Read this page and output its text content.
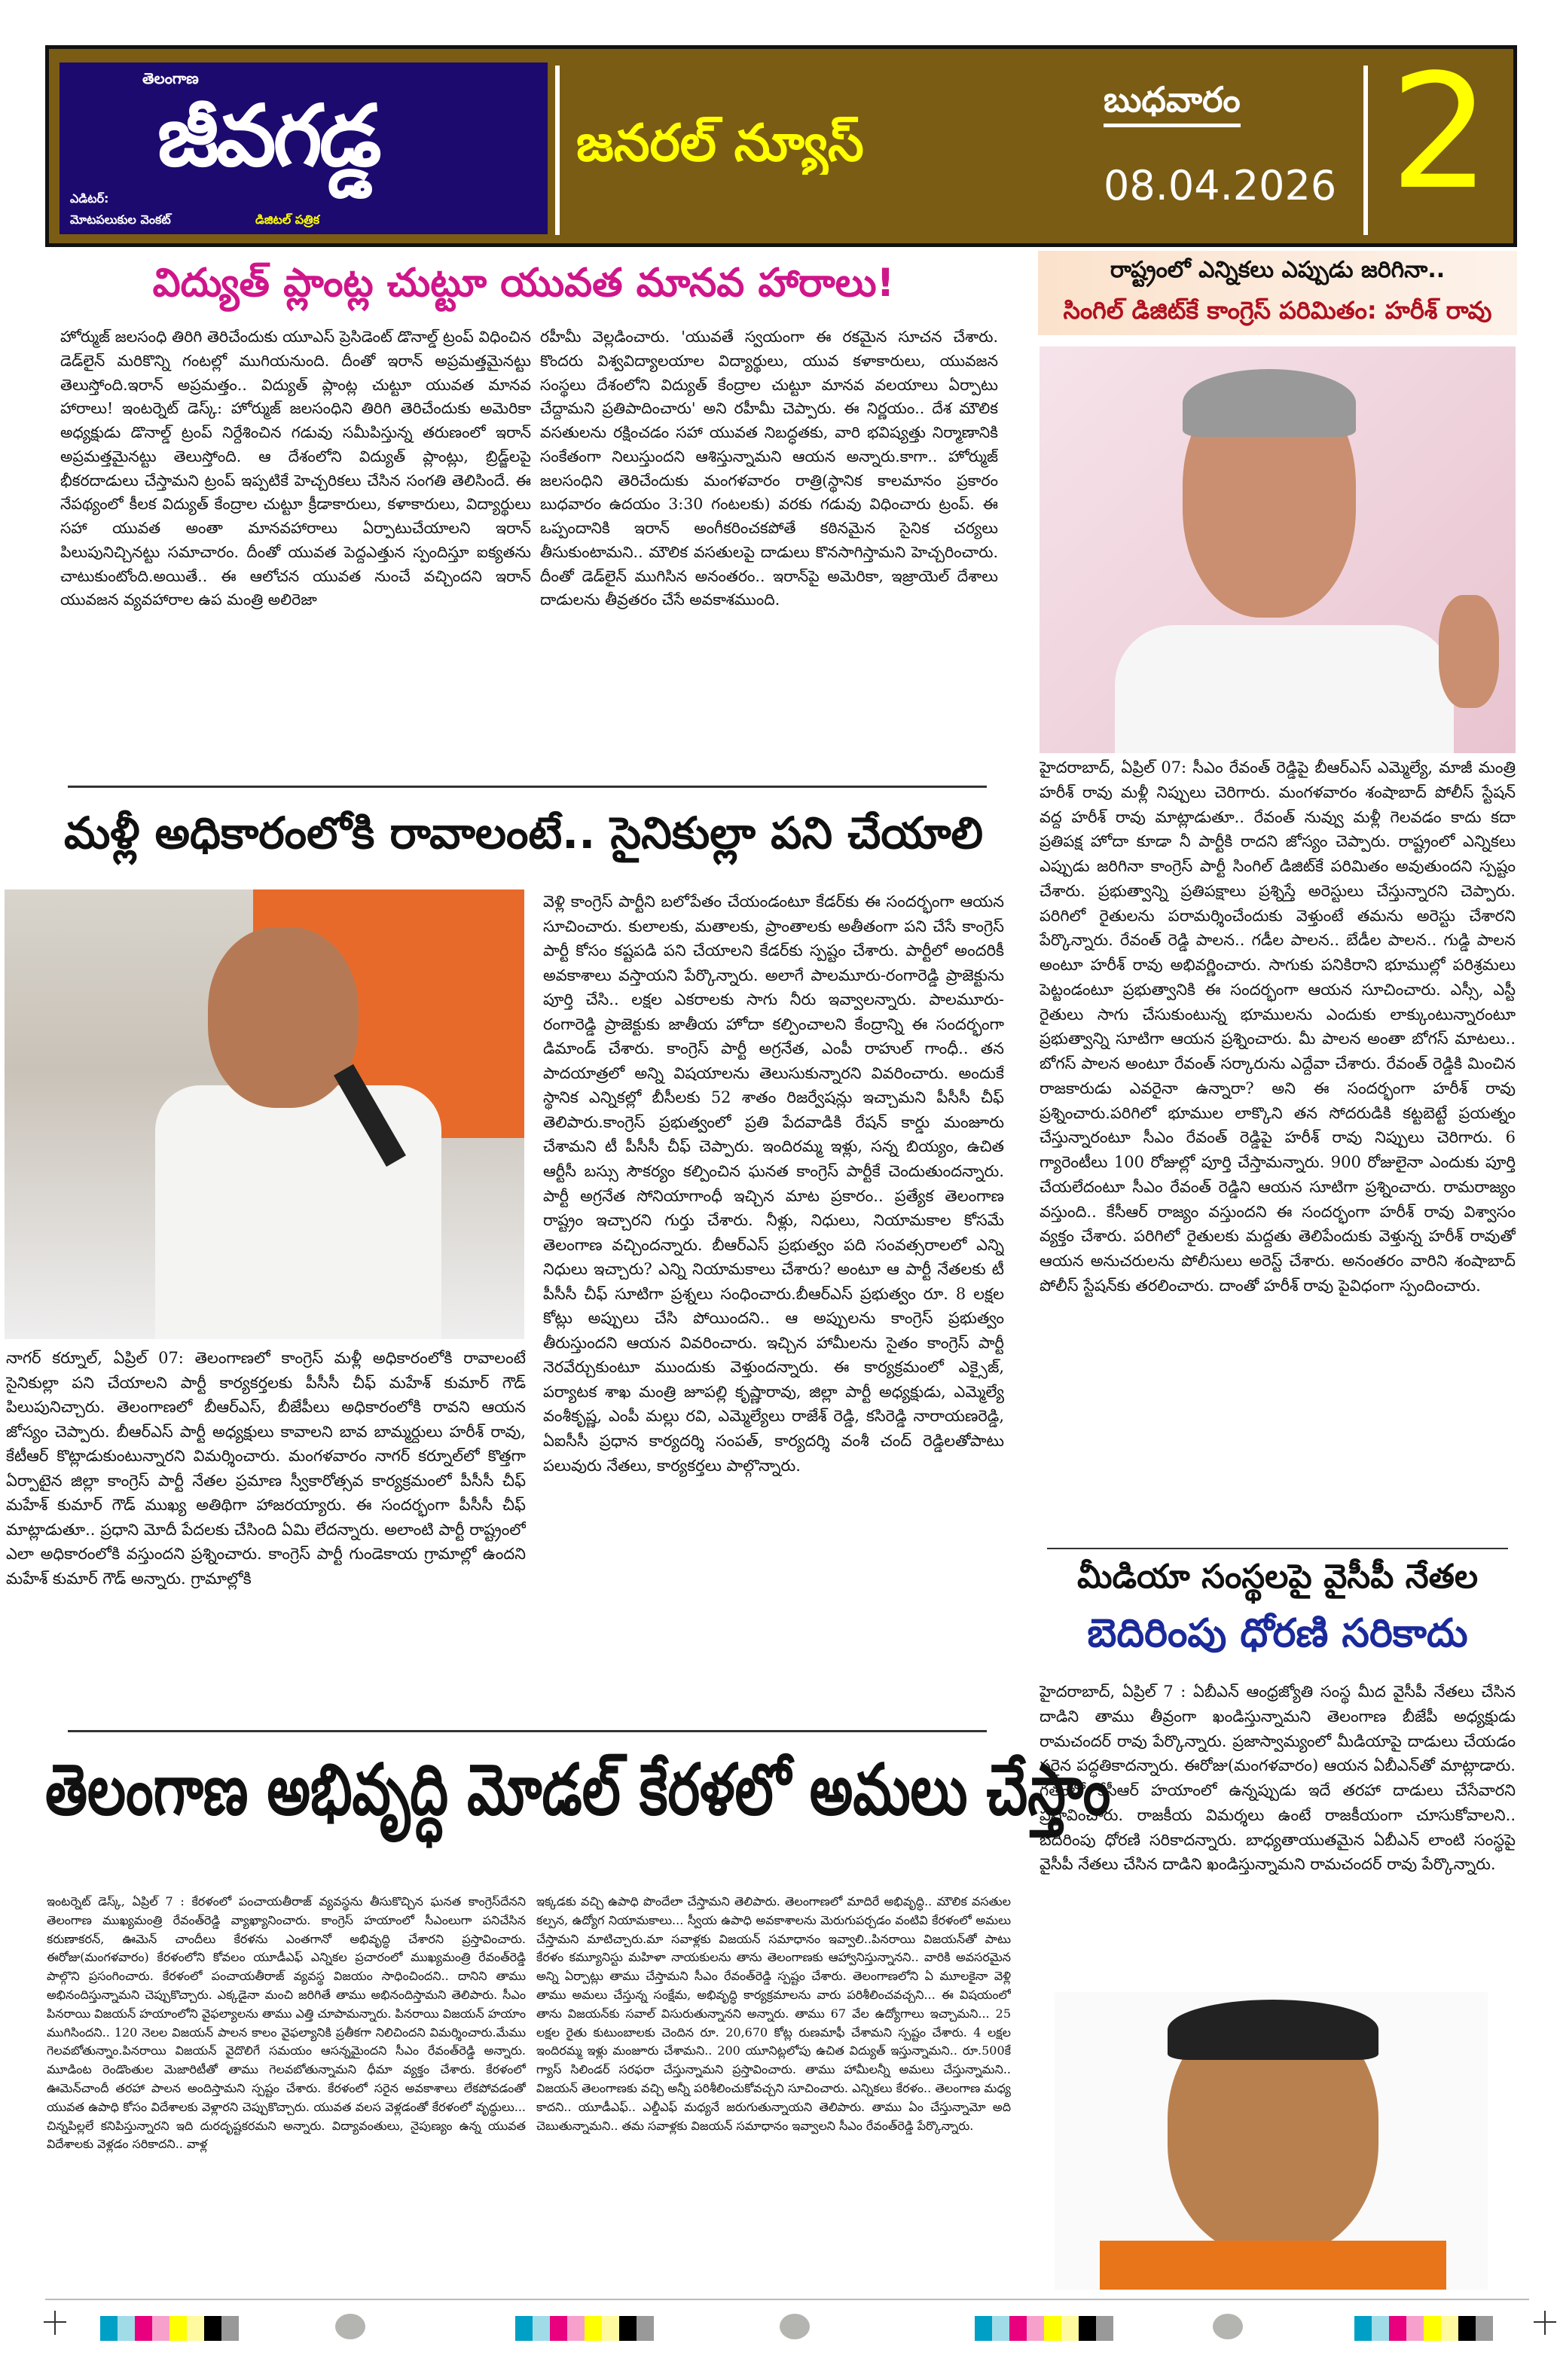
తెలంగాణ
జీవగడ్డ
ఎడిటర్:
మోటపలుకుల వెంకట్	డిజిటల్ పత్రిక
జనరల్ న్యూస్
బుధవారం
08.04.2026 2
విద్యుత్ ప్లాంట్ల చుట్టూ యువత మానవ హారాలు!
హోర్ముజ్ జలసంధి తిరిగి తెరిచేందుకు యూఎస్ ప్రెసిడెంట్ డొనాల్డ్ ట్రంప్ విధించిన డెడ్‌లైన్ మరికొన్ని గంటల్లో ముగియనుంది. దీంతో ఇరాన్ అప్రమత్తమైనట్టు తెలుస్తోంది.ఇరాన్ అప్రమత్తం.. విద్యుత్ ప్లాంట్ల చుట్టూ యువత మానవ హారాలు! ఇంటర్నెట్ డెస్క్: హోర్ముజ్ జలసంధిని తిరిగి తెరిచేందుకు అమెరికా అధ్యక్షుడు డొనాల్డ్ ట్రంప్ నిర్దేశించిన గడువు సమీపిస్తున్న తరుణంలో ఇరాన్ అప్రమత్తమైనట్టు తెలుస్తోంది. ఆ దేశంలోని విద్యుత్ ప్లాంట్లు, బ్రిడ్జ్‌లపై భీకరదాడులు చేస్తామని ట్రంప్ ఇప్పటికే హెచ్చరికలు చేసిన సంగతి తెలిసిందే. ఈ నేపథ్యంలో కీలక విద్యుత్ కేంద్రాల చుట్టూ క్రీడాకారులు, కళాకారులు, విద్యార్థులు సహా యువత అంతా మానవహారాలు ఏర్పాటుచేయాలని ఇరాన్ పిలుపునిచ్చినట్టు సమాచారం. దీంతో యువత పెద్దఎత్తున స్పందిస్తూ ఐక్యతను చాటుకుంటోంది.అయితే.. ఈ ఆలోచన యువత నుంచే వచ్చిందని ఇరాన్ యువజన వ్యవహారాల ఉప మంత్రి అలిరెజా
రహీమీ వెల్లడించారు. 'యువతే స్వయంగా ఈ రకమైన సూచన చేశారు. కొందరు విశ్వవిద్యాలయాల విద్యార్థులు, యువ కళాకారులు, యువజన సంస్థలు దేశంలోని విద్యుత్ కేంద్రాల చుట్టూ మానవ వలయాలు ఏర్పాటు చేద్దామని ప్రతిపాదించారు' అని రహీమీ చెప్పారు. ఈ నిర్ణయం.. దేశ మౌలిక వసతులను రక్షించడం సహా యువత నిబద్ధతకు, వారి భవిష్యత్తు నిర్మాణానికి సంకేతంగా నిలుస్తుందని ఆశిస్తున్నామని ఆయన అన్నారు.కాగా.. హోర్ముజ్ జలసంధిని తెరిచేందుకు మంగళవారం రాత్రి(స్థానిక కాలమానం ప్రకారం బుధవారం ఉదయం 3:30 గంటలకు) వరకు గడువు విధించారు ట్రంప్. ఈ ఒప్పందానికి ఇరాన్ అంగీకరించకపోతే కఠినమైన సైనిక చర్యలు తీసుకుంటామని.. మౌలిక వసతులపై దాడులు కొనసాగిస్తామని హెచ్చరించారు. దీంతో డెడ్‌లైన్ ముగిసిన అనంతరం.. ఇరాన్‌పై అమెరికా, ఇజ్రాయెల్ దేశాలు దాడులను తీవ్రతరం చేసే అవకాశముంది.
మళ్లీ అధికారంలోకి రావాలంటే.. సైనికుల్లా పని చేయాలి
నాగర్ కర్నూల్, ఏప్రిల్ 07: తెలంగాణలో కాంగ్రెస్ మళ్లీ అధికారంలోకి రావాలంటే సైనికుల్లా పని చేయాలని పార్టీ కార్యకర్తలకు పీసీసీ చీఫ్ మహేశ్ కుమార్ గౌడ్ పిలుపునిచ్చారు. తెలంగాణలో బీఆర్ఎస్, బీజేపీలు అధికారంలోకి రావని ఆయన జోస్యం చెప్పారు. బీఆర్ఎస్ పార్టీ అధ్యక్షులు కావాలని బావ బామ్మర్దులు హరీశ్ రావు, కేటీఆర్ కొట్లాడుకుంటున్నారని విమర్శించారు. మంగళవారం నాగర్ కర్నూల్‌లో కొత్తగా ఏర్పాటైన జిల్లా కాంగ్రెస్ పార్టీ నేతల ప్రమాణ స్వీకారోత్సవ కార్యక్రమంలో పీసీసీ చీఫ్ మహేశ్ కుమార్ గౌడ్ ముఖ్య అతిథిగా హాజరయ్యారు. ఈ సందర్భంగా పీసీసీ చీఫ్ మాట్లాడుతూ.. ప్రధాని మోదీ పేదలకు చేసింది ఏమి లేదన్నారు. అలాంటి పార్టీ రాష్ట్రంలో ఎలా అధికారంలోకి వస్తుందని ప్రశ్నించారు. కాంగ్రెస్ పార్టీ గుండెకాయ గ్రామాల్లో ఉందని మహేశ్ కుమార్ గౌడ్ అన్నారు. గ్రామాల్లోకి
వెళ్లి కాంగ్రెస్ పార్టీని బలోపేతం చేయండంటూ కేడర్‌కు ఈ సందర్భంగా ఆయన సూచించారు. కులాలకు, మతాలకు, ప్రాంతాలకు అతీతంగా పని చేసే కాంగ్రెస్ పార్టీ కోసం కష్టపడి పని చేయాలని కేడర్‌కు స్పష్టం చేశారు. పార్టీలో అందరికీ అవకాశాలు వస్తాయని పేర్కొన్నారు. అలాగే పాలమూరు-రంగారెడ్డి ప్రాజెక్టును పూర్తి చేసి.. లక్షల ఎకరాలకు సాగు నీరు ఇవ్వాలన్నారు. పాలమూరు-రంగారెడ్డి ప్రాజెక్టుకు జాతీయ హోదా కల్పించాలని కేంద్రాన్ని ఈ సందర్భంగా డిమాండ్ చేశారు. కాంగ్రెస్ పార్టీ అగ్రనేత, ఎంపీ రాహుల్ గాంధీ.. తన పాదయాత్రలో అన్ని విషయాలను తెలుసుకున్నారని వివరించారు. అందుకే స్థానిక ఎన్నికల్లో బీసీలకు 52 శాతం రిజర్వేషన్లు ఇచ్చామని పీసీసీ చీఫ్ తెలిపారు.కాంగ్రెస్ ప్రభుత్వంలో ప్రతి పేదవాడికి రేషన్ కార్డు మంజూరు చేశామని టీ పీసీసీ చీఫ్ చెప్పారు. ఇందిరమ్మ ఇళ్లు, సన్న బియ్యం, ఉచిత ఆర్టీసీ బస్సు సౌకర్యం కల్పించిన ఘనత కాంగ్రెస్ పార్టీకే చెందుతుందన్నారు. పార్టీ అగ్రనేత సోనియాగాంధీ ఇచ్చిన మాట ప్రకారం.. ప్రత్యేక తెలంగాణ రాష్ట్రం ఇచ్చారని గుర్తు చేశారు. నీళ్లు, నిధులు, నియామకాల కోసమే తెలంగాణ వచ్చిందన్నారు. బీఆర్ఎస్ ప్రభుత్వం పది సంవత్సరాలలో ఎన్ని నిధులు ఇచ్చారు? ఎన్ని నియామకాలు చేశారు? అంటూ ఆ పార్టీ నేతలకు టీ పీసీసీ చీఫ్ సూటిగా ప్రశ్నలు సంధించారు.బీఆర్ఎస్ ప్రభుత్వం రూ. 8 లక్షల కోట్లు అప్పులు చేసి పోయిందని.. ఆ అప్పులను కాంగ్రెస్ ప్రభుత్వం తీరుస్తుందని ఆయన వివరించారు. ఇచ్చిన హామీలను సైతం కాంగ్రెస్ పార్టీ నెరవేర్చుకుంటూ ముందుకు వెళ్తుందన్నారు. ఈ కార్యక్రమంలో ఎక్సైజ్, పర్యాటక శాఖ మంత్రి జూపల్లి కృష్ణారావు, జిల్లా పార్టీ అధ్యక్షుడు, ఎమ్మెల్యే వంశీకృష్ణ, ఎంపీ మల్లు రవి, ఎమ్మెల్యేలు రాజేశ్ రెడ్డి, కసిరెడ్డి నారాయణరెడ్డి, ఏఐసీసీ ప్రధాన కార్యదర్శి సంపత్, కార్యదర్శి వంశీ చంద్ రెడ్డిలతోపాటు పలువురు నేతలు, కార్యకర్తలు పాల్గొన్నారు.
తెలంగాణ అభివృద్ధి మోడల్ కేరళలో అమలు చేస్తాం
ఇంటర్నెట్ డెస్క్, ఏప్రిల్ 7 : కేరళంలో పంచాయతీరాజ్ వ్యవస్థను తీసుకొచ్చిన ఘనత కాంగ్రెస్‌దేనని తెలంగాణ ముఖ్యమంత్రి రేవంత్‌రెడ్డి వ్యాఖ్యానించారు. కాంగ్రెస్ హయాంలో సీఎంలుగా పనిచేసిన కరుణాకరన్, ఊమెన్ చాందీలు కేరళను ఎంతగానో అభివృద్ధి చేశారని ప్రస్తావించారు. ఈరోజు(మంగళవారం) కేరళంలోని కోవలం యూడీఎఫ్ ఎన్నికల ప్రచారంలో ముఖ్యమంత్రి రేవంత్‌రెడ్డి పాల్గొని ప్రసంగించారు. కేరళంలో పంచాయతీరాజ్ వ్యవస్థ విజయం సాధించిందని.. దానిని తాము అభినందిస్తున్నామని చెప్పుకొచ్చారు. ఎక్కడైనా మంచి జరిగితే తాము అభినందిస్తామని తెలిపారు. సీఎం పినరాయి విజయన్ హయాంలోని వైఫల్యాలను తాము ఎత్తి చూపామన్నారు. పినరాయి విజయన్ హయాం ముగిసిందని.. 120 నెలల విజయన్ పాలన కాలం వైఫల్యానికి ప్రతీకగా నిలిచిందని విమర్శించారు.మేము గెలవబోతున్నాం.పినరాయి విజయన్ వైదొలిగే సమయం ఆసన్నమైందని సీఎం రేవంత్‌రెడ్డి అన్నారు. మూడింట రెండొంతుల మెజారిటీతో తాము గెలవబోతున్నామని ధీమా వ్యక్తం చేశారు. కేరళంలో ఊమెన్‌చాందీ తరహా పాలన అందిస్తామని స్పష్టం చేశారు. కేరళంలో సరైన అవకాశాలు లేకపోవడంతో యువత ఉపాధి కోసం విదేశాలకు వెళ్లారని చెప్పుకొచ్చారు. యువత వలస వెళ్లడంతో కేరళంలో వృద్ధులు... చిన్నపిల్లలే కనిపిస్తున్నారని ఇది దురదృష్టకరమని అన్నారు. విద్యావంతులు, నైపుణ్యం ఉన్న యువత విదేశాలకు వెళ్లడం సరికాదని.. వాళ్ల
ఇక్కడకు వచ్చి ఉపాధి పొందేలా చేస్తామని తెలిపారు. తెలంగాణలో మాదిరే అభివృద్ధి.. మౌలిక వసతుల కల్పన, ఉద్యోగ నియామకాలు... స్వీయ ఉపాధి అవకాశాలను మెరుగుపర్చడం వంటివి కేరళంలో అమలు చేస్తామని మాటిచ్చారు.మా సవాళ్లకు విజయన్ సమాధానం ఇవ్వాలి..పినరాయి విజయన్‌తో పాటు కేరళం కమ్యూనిస్టు మహిళా నాయకులను తాను తెలంగాణకు ఆహ్వానిస్తున్నానని.. వారికి అవసరమైన అన్ని ఏర్పాట్లు తాము చేస్తామని సీఎం రేవంత్‌రెడ్డి స్పష్టం చేశారు. తెలంగాణలోని ఏ మూలకైనా వెళ్లి తాము అమలు చేస్తున్న సంక్షేమ, అభివృద్ధి కార్యక్రమాలను వారు పరిశీలించవచ్చని... ఈ విషయంలో తాను విజయన్‌కు సవాల్ విసురుతున్నానని అన్నారు. తాము 67 వేల ఉద్యోగాలు ఇచ్చామని... 25 లక్షల రైతు కుటుంబాలకు చెందిన రూ. 20,670 కోట్ల రుణమాఫీ చేశామని స్పష్టం చేశారు. 4 లక్షల ఇందిరమ్మ ఇళ్లు మంజూరు చేశామని.. 200 యూనిట్లలోపు ఉచిత విద్యుత్ ఇస్తున్నామని.. రూ.500కే గ్యాస్ సిలిండర్ సరఫరా చేస్తున్నామని ప్రస్తావించారు. తాము హామీలన్నీ అమలు చేస్తున్నామని.. విజయన్ తెలంగాణకు వచ్చి అన్నీ పరిశీలించుకోవచ్చని సూచించారు. ఎన్నికలు కేరళం.. తెలంగాణ మధ్య కాదని.. యూడీఎఫ్.. ఎల్డీఎఫ్ మధ్యనే జరుగుతున్నాయని తెలిపారు. తాము ఏం చేస్తున్నామో అది చెబుతున్నామని.. తమ సవాళ్లకు విజయన్ సమాధానం ఇవ్వాలని సీఎం రేవంత్‌రెడ్డి పేర్కొన్నారు.
రాష్ట్రంలో ఎన్నికలు ఎప్పుడు జరిగినా..
సింగిల్ డిజిట్‌కే కాంగ్రెస్ పరిమితం: హరీశ్ రావు
హైదరాబాద్, ఏప్రిల్ 07: సీఎం రేవంత్ రెడ్డిపై బీఆర్ఎస్ ఎమ్మెల్యే, మాజీ మంత్రి హరీశ్ రావు మళ్లీ నిప్పులు చెరిగారు. మంగళవారం శంషాబాద్ పోలీస్ స్టేషన్ వద్ద హరీశ్ రావు మాట్లాడుతూ.. రేవంత్ నువ్వు మళ్లీ గెలవడం కాదు కదా ప్రతిపక్ష హోదా కూడా నీ పార్టీకి రాదని జోస్యం చెప్పారు. రాష్ట్రంలో ఎన్నికలు ఎప్పుడు జరిగినా కాంగ్రెస్ పార్టీ సింగిల్ డిజిట్‌కే పరిమితం అవుతుందని స్పష్టం చేశారు. ప్రభుత్వాన్ని ప్రతిపక్షాలు ప్రశ్నిస్తే అరెస్టులు చేస్తున్నారని చెప్పారు. పరిగిలో రైతులను పరామర్శించేందుకు వెళ్తుంటే తమను అరెస్టు చేశారని పేర్కొన్నారు. రేవంత్ రెడ్డి పాలన.. గడీల పాలన.. బేడీల పాలన.. గుడ్డి పాలన అంటూ హరీశ్ రావు అభివర్ణించారు. సాగుకు పనికిరాని భూముల్లో పరిశ్రమలు పెట్టండంటూ ప్రభుత్వానికి ఈ సందర్భంగా ఆయన సూచించారు. ఎస్సీ, ఎస్టీ రైతులు సాగు చేసుకుంటున్న భూములను ఎందుకు లాక్కుంటున్నారంటూ ప్రభుత్వాన్ని సూటిగా ఆయన ప్రశ్నించారు. మీ పాలన అంతా బోగస్ మాటలు.. బోగస్ పాలన అంటూ రేవంత్ సర్కారును ఎద్దేవా చేశారు. రేవంత్ రెడ్డికి మించిన రాజకారుడు ఎవరైనా ఉన్నారా? అని ఈ సందర్భంగా హరీశ్ రావు ప్రశ్నించారు.పరిగిలో భూముల లాక్కొని తన సోదరుడికి కట్టబెట్టే ప్రయత్నం చేస్తున్నారంటూ సీఎం రేవంత్ రెడ్డిపై హరీశ్ రావు నిప్పులు చెరిగారు. 6 గ్యారెంటీలు 100 రోజుల్లో పూర్తి చేస్తామన్నారు. 900 రోజులైనా ఎందుకు పూర్తి చేయలేదంటూ సీఎం రేవంత్ రెడ్డిని ఆయన సూటిగా ప్రశ్నించారు. రామరాజ్యం వస్తుంది.. కేసీఆర్ రాజ్యం వస్తుందని ఈ సందర్భంగా హరీశ్ రావు విశ్వాసం వ్యక్తం చేశారు. పరిగిలో రైతులకు మద్దతు తెలిపేందుకు వెళ్తున్న హరీశ్ రావుతో ఆయన అనుచరులను పోలీసులు అరెస్ట్ చేశారు. అనంతరం వారిని శంషాబాద్ పోలీస్ స్టేషన్‌కు తరలించారు. దాంతో హరీశ్ రావు పైవిధంగా స్పందించారు.
మీడియా సంస్థలపై వైసీపీ నేతల
బెదిరింపు ధోరణి సరికాదు
హైదరాబాద్, ఏప్రిల్ 7 : ఏబీఎన్ ఆంధ్రజ్యోతి సంస్థ మీద వైసీపీ నేతలు చేసిన దాడిని తాము తీవ్రంగా ఖండిస్తున్నామని తెలంగాణ బీజేపీ అధ్యక్షుడు రామచందర్ రావు పేర్కొన్నారు. ప్రజాస్వామ్యంలో మీడియాపై దాడులు చేయడం సరైన పద్ధతికాదన్నారు. ఈరోజు(మంగళవారం) ఆయన ఏబీఎన్‌తో మాట్లాడారు. గతంలో కేసీఆర్ హయాంలో ఉన్నప్పుడు ఇదే తరహా దాడులు చేసేవారని ప్రస్తావించారు. రాజకీయ విమర్శలు ఉంటే రాజకీయంగా చూసుకోవాలని.. బెదిరింపు ధోరణి సరికాదన్నారు. బాధ్యతాయుతమైన ఏబీఎన్ లాంటి సంస్థపై వైసీపీ నేతలు చేసిన దాడిని ఖండిస్తున్నామని రామచందర్ రావు పేర్కొన్నారు.
